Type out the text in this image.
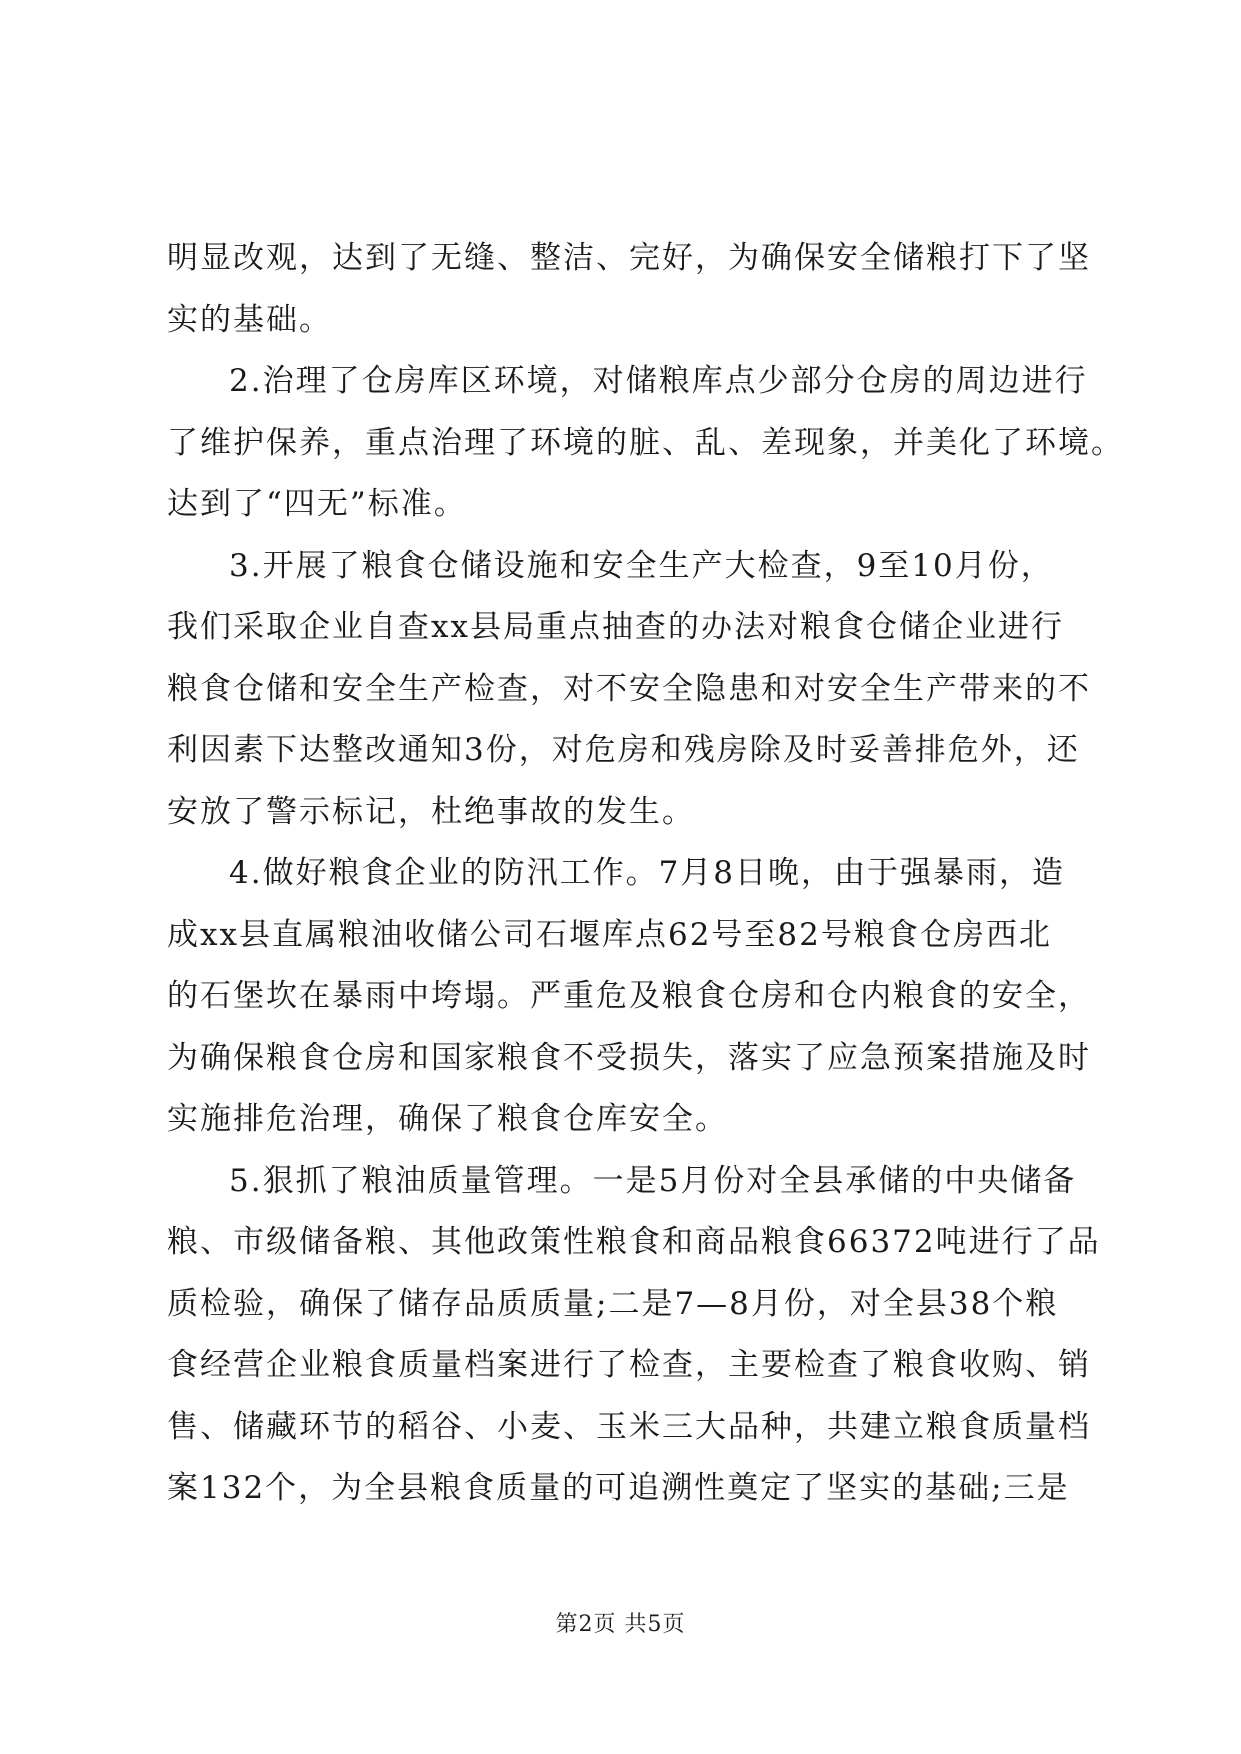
明显改观，达到了无缝、整洁、完好，为确保安全储粮打下了坚
实的基础。
2.治理了仓房库区环境，对储粮库点少部分仓房的周边进行
了维护保养，重点治理了环境的脏、乱、差现象，并美化了环境。
达到了“四无”标准。
3.开展了粮食仓储设施和安全生产大检查，9至10月份，
我们采取企业自查xx县局重点抽查的办法对粮食仓储企业进行
粮食仓储和安全生产检查，对不安全隐患和对安全生产带来的不
利因素下达整改通知3份，对危房和残房除及时妥善排危外，还
安放了警示标记，杜绝事故的发生。
4.做好粮食企业的防汛工作。7月8日晚，由于强暴雨，造
成xx县直属粮油收储公司石堰库点62号至82号粮食仓房西北
的石堡坎在暴雨中垮塌。严重危及粮食仓房和仓内粮食的安全，
为确保粮食仓房和国家粮食不受损失，落实了应急预案措施及时
实施排危治理，确保了粮食仓库安全。
5.狠抓了粮油质量管理。一是5月份对全县承储的中央储备
粮、市级储备粮、其他政策性粮食和商品粮食66372吨进行了品
质检验，确保了储存品质质量;二是7—8月份，对全县38个粮
食经营企业粮食质量档案进行了检查，主要检查了粮食收购、销
售、储藏环节的稻谷、小麦、玉米三大品种，共建立粮食质量档
案132个，为全县粮食质量的可追溯性奠定了坚实的基础;三是
第2页 共5页
